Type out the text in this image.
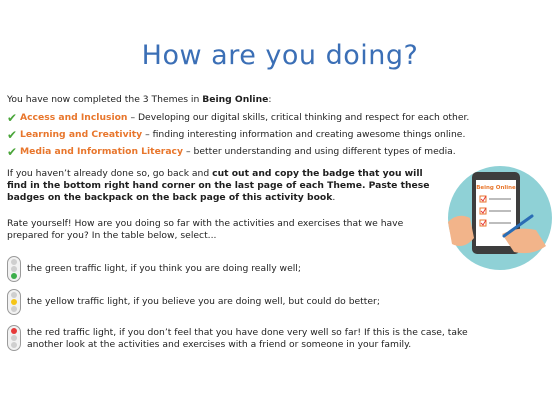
How are you doing?
You have now completed the 3 Themes in Being Online:
✔ Access and Inclusion – Developing our digital skills, critical thinking and respect for each other.
✔ Learning and Creativity – finding interesting information and creating awesome things online.
✔ Media and Information Literacy – better understanding and using different types of media.
If you haven’t already done so, go back and cut out and copy the badge that you will find in the bottom right hand corner on the last page of each Theme. Paste these badges on the backpack on the back page of this activity book.
Rate yourself! How are you doing so far with the activities and exercises that we have prepared for you? In the table below, select...
the green traffic light, if you think you are doing really well;
the yellow traffic light, if you believe you are doing well, but could do better;
the red traffic light, if you don’t feel that you have done very well so far! If this is the case, take another look at the activities and exercises with a friend or someone in your family.
Being Online
